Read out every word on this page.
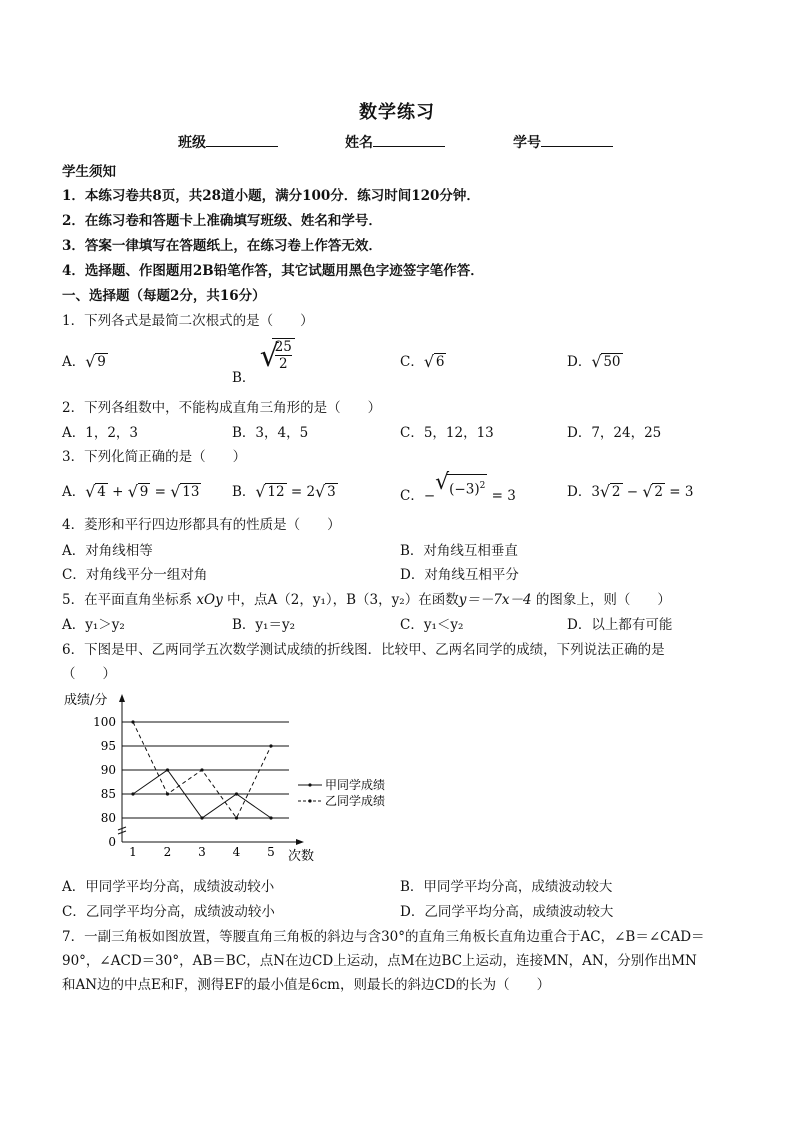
数学练习
班级	姓名	学号
学生须知
1．本练习卷共8页，共28道小题，满分100分．练习时间120分钟．
2．在练习卷和答题卡上准确填写班级、姓名和学号．
3．答案一律填写在答题纸上，在练习卷上作答无效．
4．选择题、作图题用2B铅笔作答，其它试题用黑色字迹签字笔作答．
一、选择题（每题2分，共16分）
1．下列各式是最简二次根式的是（　　）
A． √ 9
B．
√
$\frac{25}{2}$	C． √ 6	D． √ 50
2．下列各组数中，不能构成直角三角形的是（　　）
A．1，2，3	B．3，4，5	C．5，12，13	D．7，24，25
3．下列化简正确的是（　　）
A． √ 4 + √ 9 = √ 13 B． √ 12 = 2 √ 3	C．−
√ $(-3)^2 = 3$	D．3 √ 2 − √ 2 = 3
4．菱形和平行四边形都具有的性质是（　　）
A．对角线相等	B．对角线互相垂直
C．对角线平分一组对角	D．对角线互相平分
5．在平面直角坐标系 xOy 中，点A（2，y₁），B（3，y₂）在函数y＝－7x－4 的图象上，则（　　）
A．y₁＞y₂	B．y₁＝y₂	C．y₁＜y₂	D．以上都有可能
6．下图是甲、乙两同学五次数学测试成绩的折线图．比较甲、乙两名同学的成绩，下列说法正确的是
（　　）
0
80
85
90
95
100
1 2 3 4 5
成绩/分
次数
甲同学成绩
乙同学成绩
A．甲同学平均分高，成绩波动较小	B．甲同学平均分高，成绩波动较大
C．乙同学平均分高，成绩波动较小	D．乙同学平均分高，成绩波动较大
7．一副三角板如图放置，等腰直角三角板的斜边与含30°的直角三角板长直角边重合于AC，∠B＝∠CAD＝
90°，∠ACD＝30°，AB＝BC，点N在边CD上运动，点M在边BC上运动，连接MN，AN，分别作出MN
和AN边的中点E和F，测得EF的最小值是6cm，则最长的斜边CD的长为（　　）
